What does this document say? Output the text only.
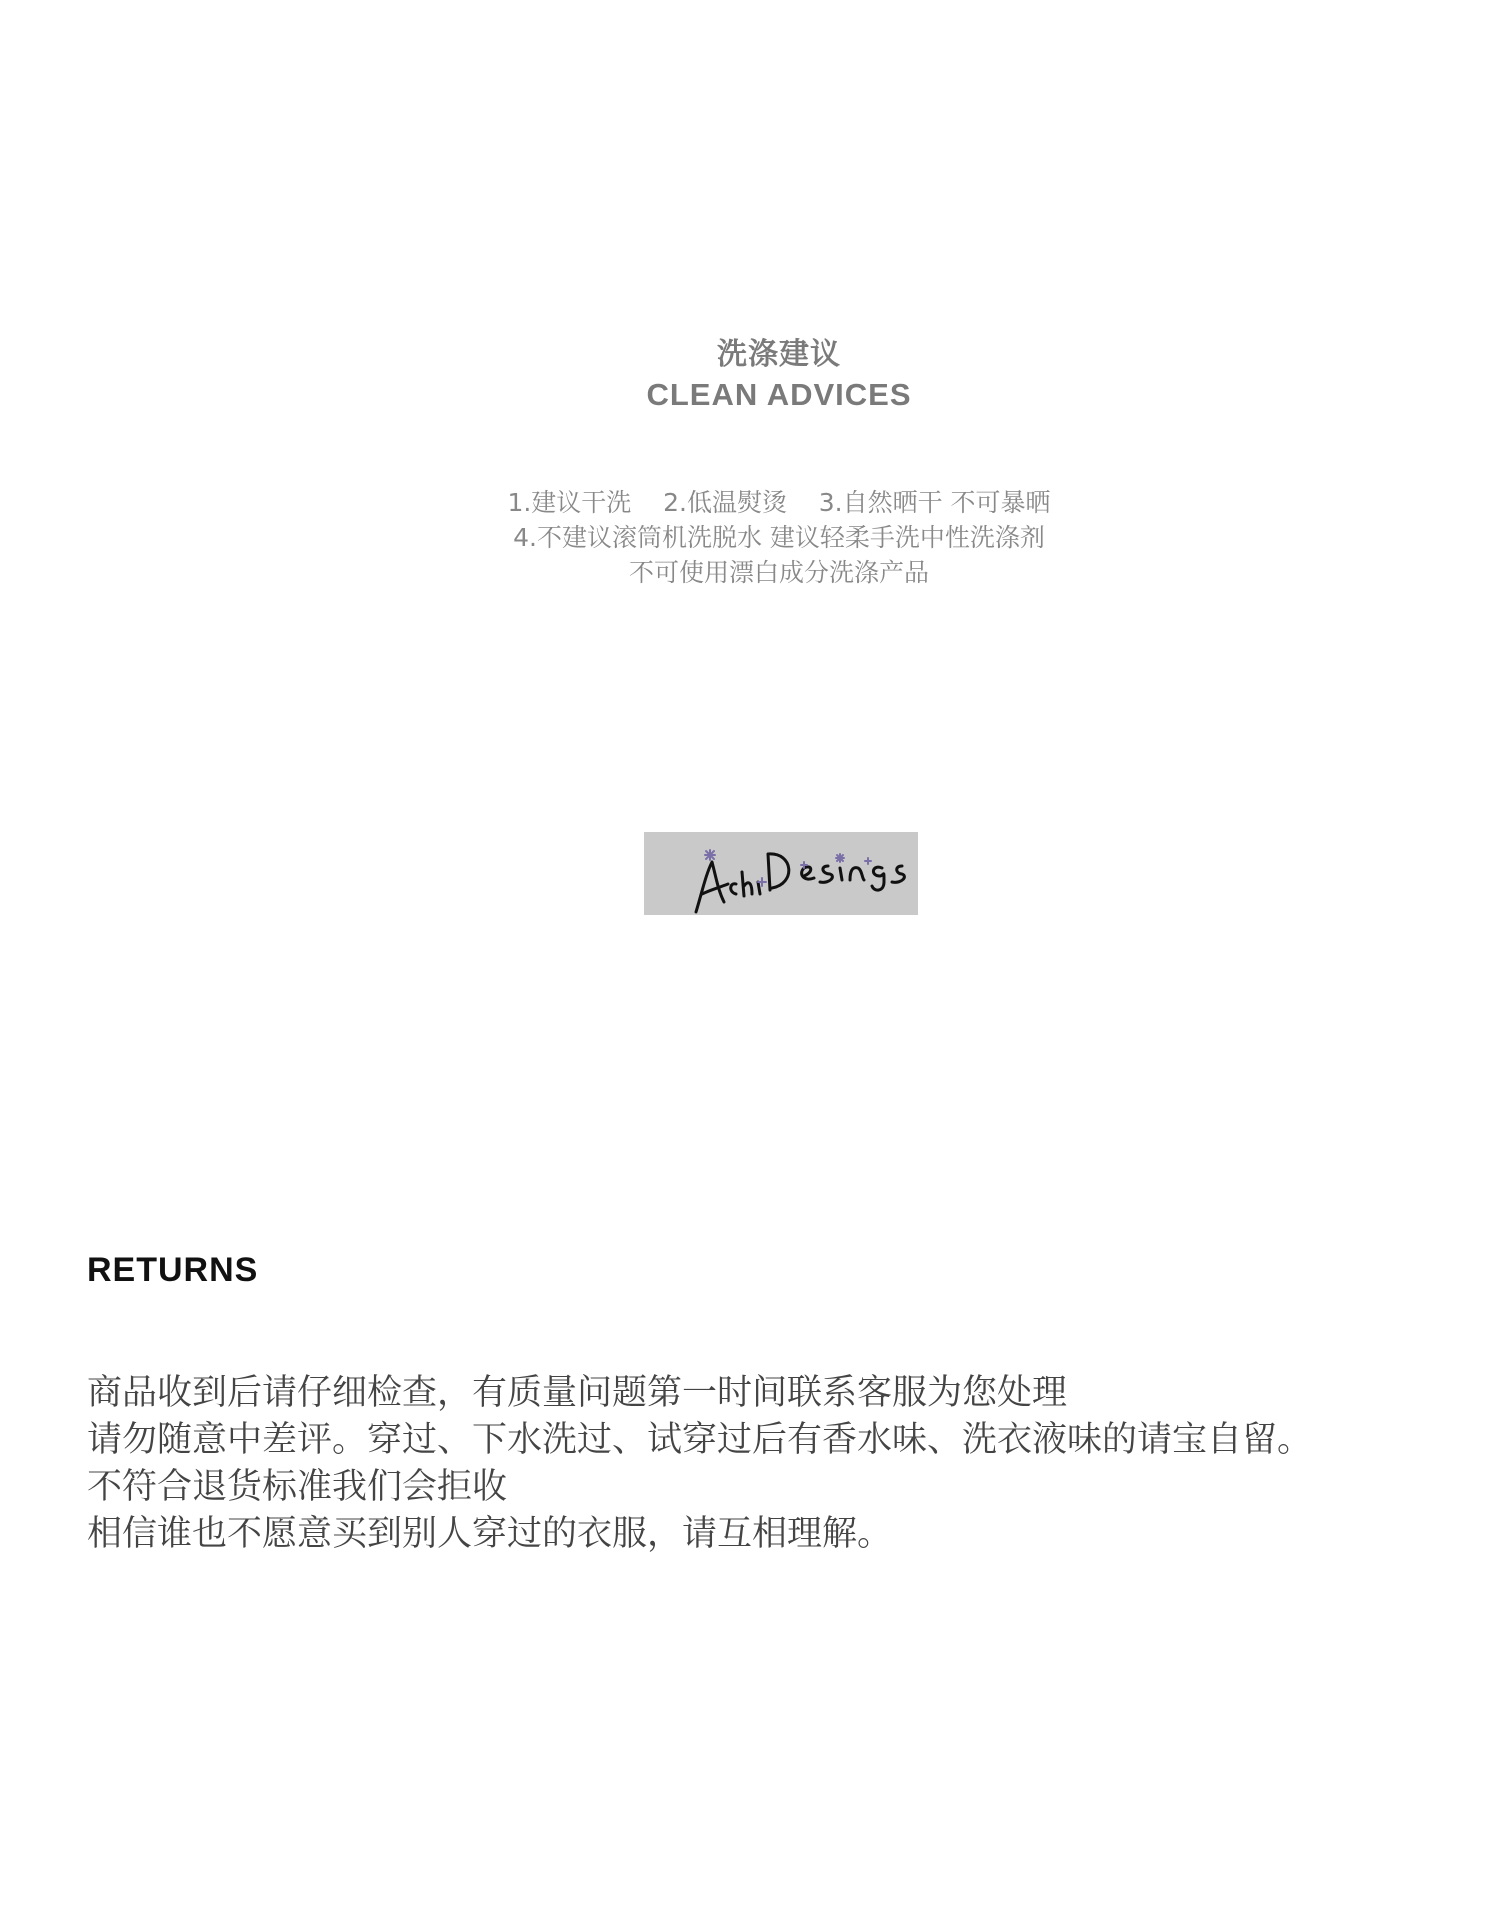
洗涤建议
CLEAN ADVICES
1.建议干洗    2.低温熨烫    3.自然晒干 不可暴晒
4.不建议滚筒机洗脱水 建议轻柔手洗中性洗涤剂
不可使用漂白成分洗涤产品
RETURNS
商品收到后请仔细检查，有质量问题第一时间联系客服为您处理
请勿随意中差评。穿过、下水洗过、试穿过后有香水味、洗衣液味的请宝自留。
不符合退货标准我们会拒收
相信谁也不愿意买到别人穿过的衣服，请互相理解。
